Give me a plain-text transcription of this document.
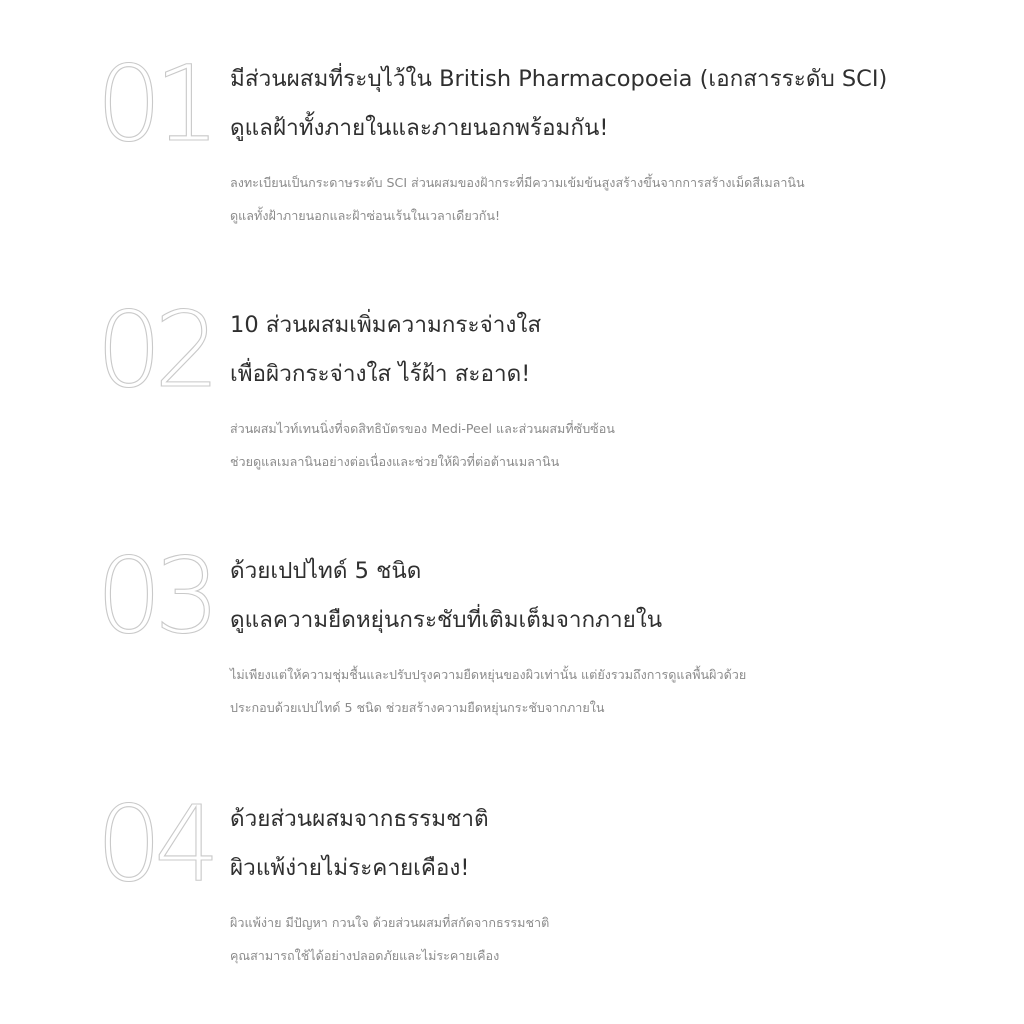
01 มีส่วนผสมที่ระบุไว้ใน British Pharmacopoeia (เอกสารระดับ SCI)
ดูแลฝ้าทั้งภายในและภายนอกพร้อมกัน!
ลงทะเบียนเป็นกระดาษระดับ SCI ส่วนผสมของฝ้ากระที่มีความเข้มข้นสูงสร้างขึ้นจากการสร้างเม็ดสีเมลานิน
ดูแลทั้งฝ้าภายนอกและฝ้าซ่อนเร้นในเวลาเดียวกัน!
02 10 ส่วนผสมเพิ่มความกระจ่างใส
เพื่อผิวกระจ่างใส ไร้ฝ้า สะอาด!
ส่วนผสมไวท์เทนนิ่งที่จดสิทธิบัตรของ Medi-Peel และส่วนผสมที่ซับซ้อน
ช่วยดูแลเมลานินอย่างต่อเนื่องและช่วยให้ผิวที่ต่อต้านเมลานิน
03 ด้วยเปปไทด์ 5 ชนิด
ดูแลความยืดหยุ่นกระชับที่เติมเต็มจากภายใน
ไม่เพียงแต่ให้ความชุ่มชื้นและปรับปรุงความยืดหยุ่นของผิวเท่านั้น แต่ยังรวมถึงการดูแลพื้นผิวด้วย
ประกอบด้วยเปปไทด์ 5 ชนิด ช่วยสร้างความยืดหยุ่นกระชับจากภายใน
04 ด้วยส่วนผสมจากธรรมชาติ
ผิวแพ้ง่ายไม่ระคายเคือง!
ผิวแพ้ง่าย มีปัญหา กวนใจ ด้วยส่วนผสมที่สกัดจากธรรมชาติ
คุณสามารถใช้ได้อย่างปลอดภัยและไม่ระคายเคือง
